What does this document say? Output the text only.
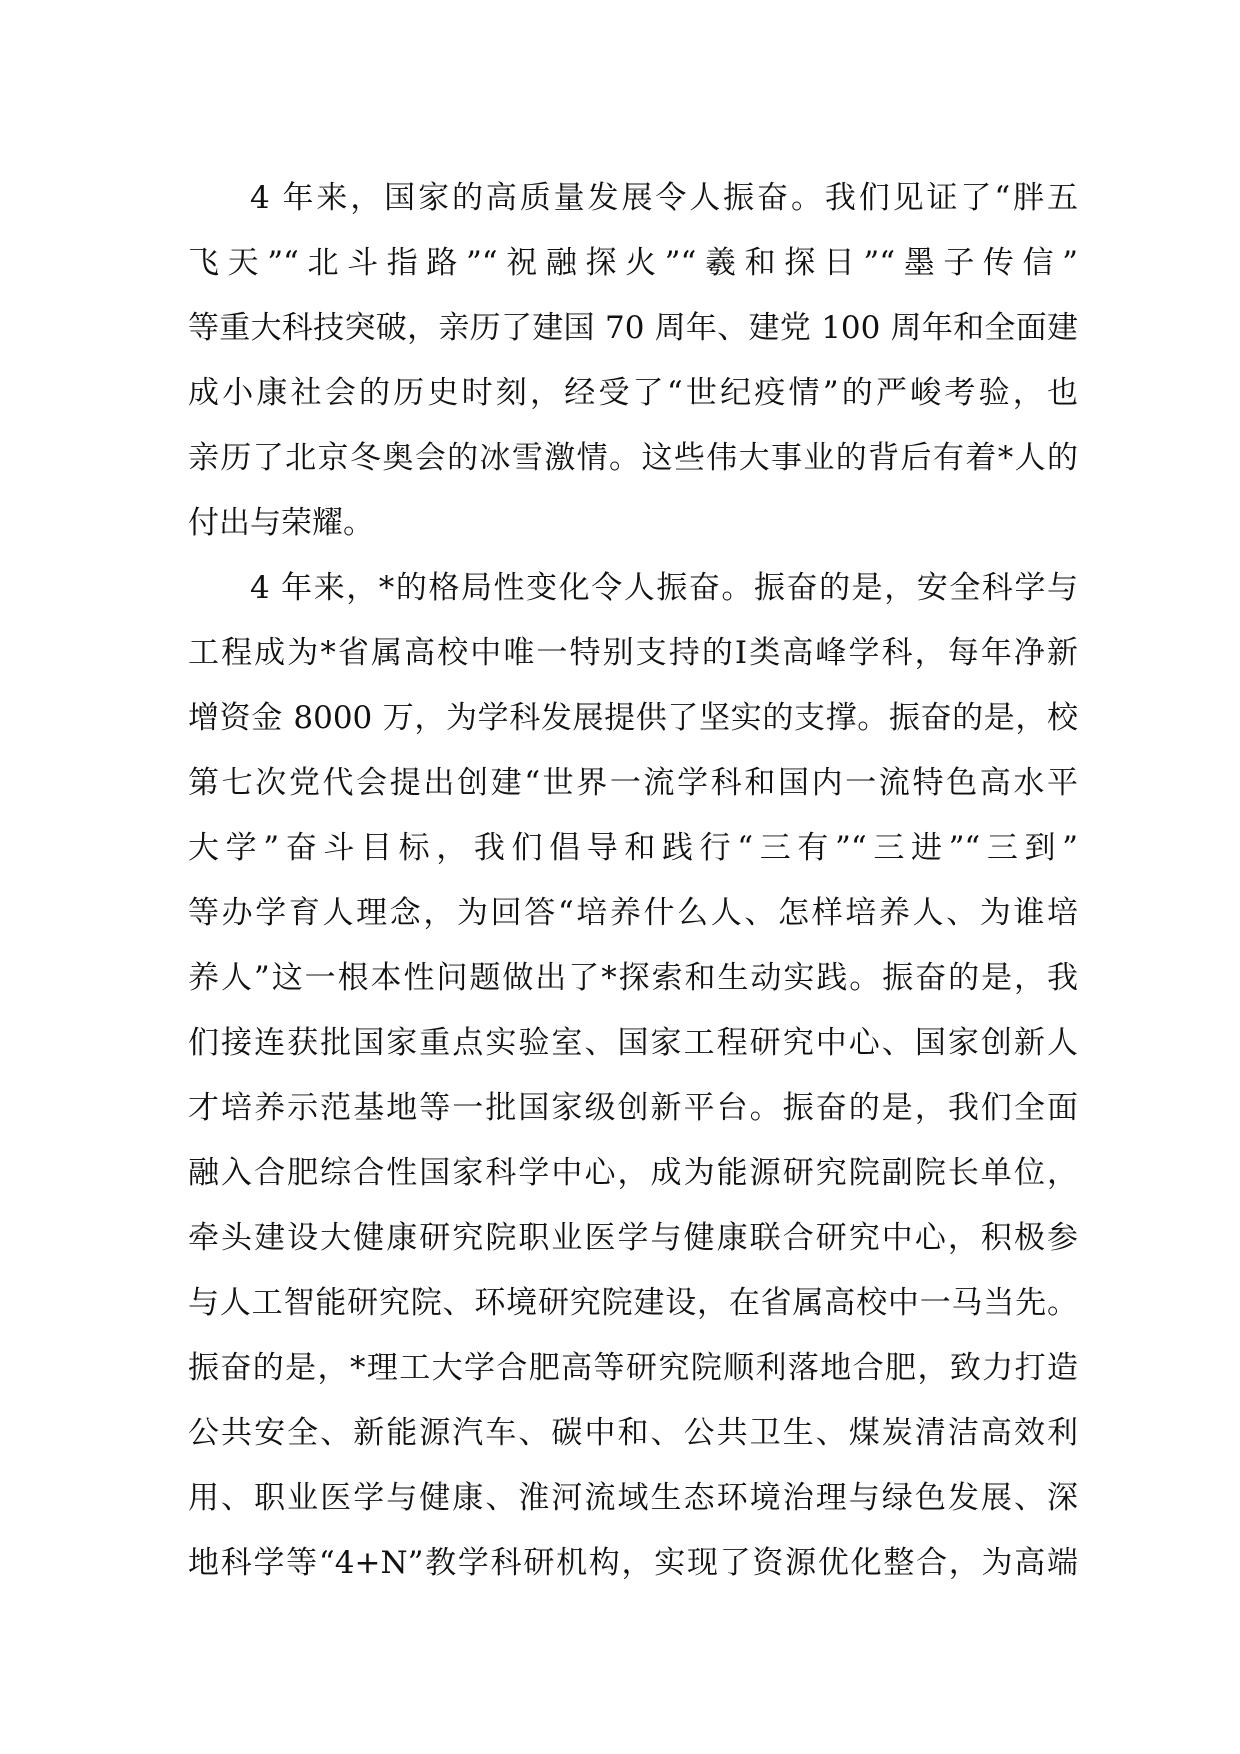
4 年来，国家的高质量发展令人振奋。我们见证了“胖五
飞天”“北斗指路”“祝融探火”“羲和探日”“墨子传信”
等重大科技突破，亲历了建国 70 周年、建党 100 周年和全面建
成小康社会的历史时刻，经受了“世纪疫情”的严峻考验，也
亲历了北京冬奥会的冰雪激情。这些伟大事业的背后有着*人的
付出与荣耀。
4 年来，*的格局性变化令人振奋。振奋的是，安全科学与
工程成为*省属高校中唯一特别支持的Ⅰ类高峰学科，每年净新
增资金 8000 万，为学科发展提供了坚实的支撑。振奋的是，校
第七次党代会提出创建“世界一流学科和国内一流特色高水平
大学”奋斗目标，我们倡导和践行“三有”“三进”“三到”
等办学育人理念，为回答“培养什么人、怎样培养人、为谁培
养人”这一根本性问题做出了*探索和生动实践。振奋的是，我
们接连获批国家重点实验室、国家工程研究中心、国家创新人
才培养示范基地等一批国家级创新平台。振奋的是，我们全面
融入合肥综合性国家科学中心，成为能源研究院副院长单位，
牵头建设大健康研究院职业医学与健康联合研究中心，积极参
与人工智能研究院、环境研究院建设，在省属高校中一马当先。
振奋的是，*理工大学合肥高等研究院顺利落地合肥，致力打造
公共安全、新能源汽车、碳中和、公共卫生、煤炭清洁高效利
用、职业医学与健康、淮河流域生态环境治理与绿色发展、深
地科学等“4+N”教学科研机构，实现了资源优化整合，为高端
